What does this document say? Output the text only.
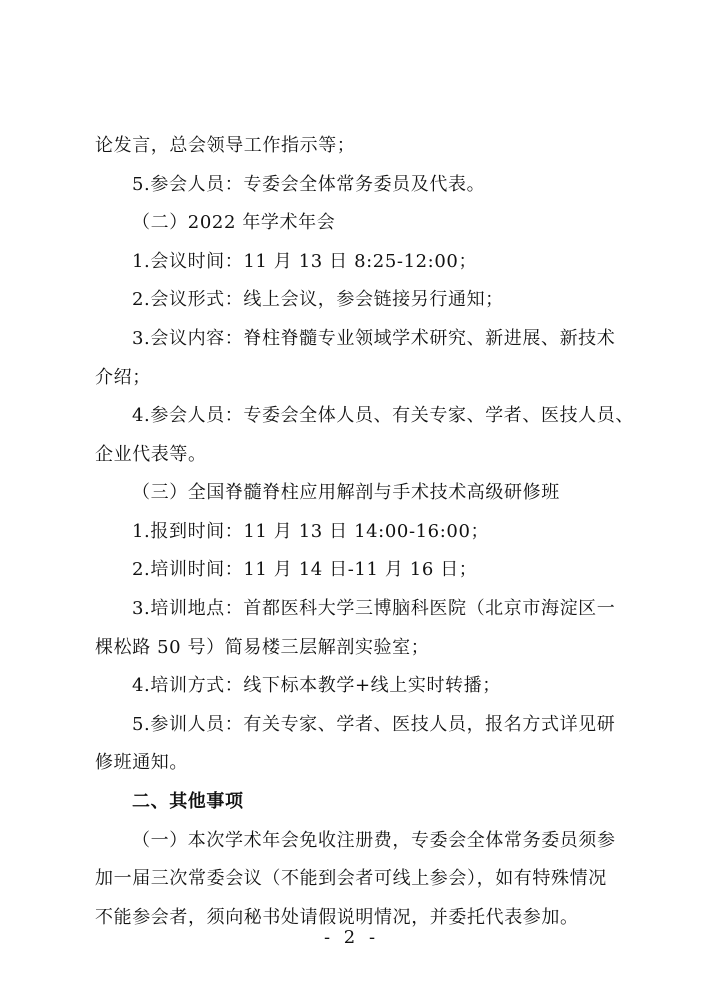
论发言，总会领导工作指示等；
5.参会人员：专委会全体常务委员及代表。
（二）2022 年学术年会
1.会议时间：11 月 13 日 8:25-12:00；
2.会议形式：线上会议，参会链接另行通知；
3.会议内容：脊柱脊髓专业领域学术研究、新进展、新技术
介绍；
4.参会人员：专委会全体人员、有关专家、学者、医技人员、
企业代表等。
（三）全国脊髓脊柱应用解剖与手术技术高级研修班
1.报到时间：11 月 13 日 14:00-16:00；
2.培训时间：11 月 14 日-11 月 16 日；
3.培训地点：首都医科大学三博脑科医院（北京市海淀区一
棵松路 50 号）简易楼三层解剖实验室；
4.培训方式：线下标本教学+线上实时转播；
5.参训人员：有关专家、学者、医技人员，报名方式详见研
修班通知。
二、其他事项
（一）本次学术年会免收注册费，专委会全体常务委员须参
加一届三次常委会议（不能到会者可线上参会），如有特殊情况
不能参会者，须向秘书处请假说明情况，并委托代表参加。
- 2 -
